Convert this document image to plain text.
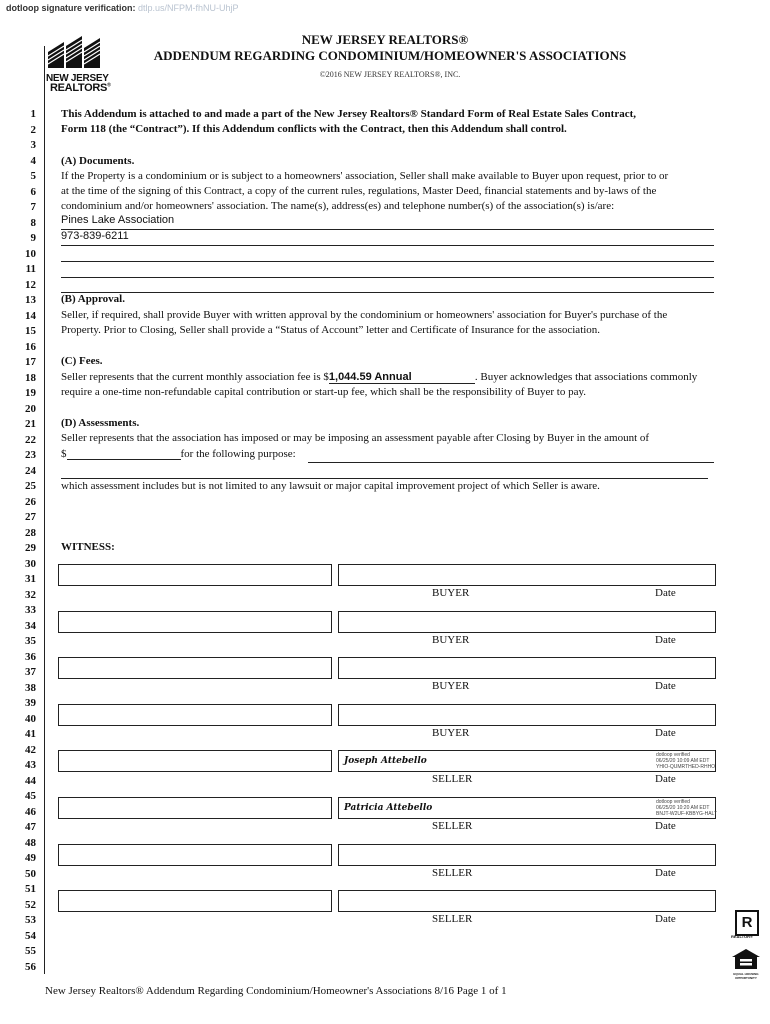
dotloop signature verification: dtlp.us/NFPM-fhNU-UhjP
NEW JERSEY
REALTORS®
NEW JERSEY REALTORS®
ADDENDUM REGARDING CONDOMINIUM/HOMEOWNER'S ASSOCIATIONS
©2016 NEW JERSEY REALTORS®, INC.
1
2
3
4
5
6
7
8
9
10
11
12
13
14
15
16
17
18
19
20
21
22
23
24
25
26
27
28
29
30
31
32
33
34
35
36
37
38
39
40
41
42
43
44
45
46
47
48
49
50
51
52
53
54
55
56
This Addendum is attached to and made a part of the New Jersey Realtors® Standard Form of Real Estate Sales Contract,
Form 118 (the “Contract”). If this Addendum conflicts with the Contract, then this Addendum shall control.
(A) Documents.
If the Property is a condominium or is subject to a homeowners' association, Seller shall make available to Buyer upon request, prior to or
at the time of the signing of this Contract, a copy of the current rules, regulations, Master Deed, financial statements and by-laws of the
condominium and/or homeowners' association. The name(s), address(es) and telephone number(s) of the association(s) is/are:
Pines Lake Association
973-839-6211
(B) Approval.
Seller, if required, shall provide Buyer with written approval by the condominium or homeowners' association for Buyer's purchase of the
Property. Prior to Closing, Seller shall provide a “Status of Account” letter and Certificate of Insurance for the association.
(C) Fees.
Seller represents that the current monthly association fee is $1,044.59 Annual	. Buyer acknowledges that associations commonly
require a one-time non-refundable capital contribution or start-up fee, which shall be the responsibility of Buyer to pay.
(D) Assessments.
Seller represents that the association has imposed or may be imposing an assessment payable after Closing by Buyer in the amount of
$	for the following purpose:
which assessment includes but is not limited to any lawsuit or major capital improvement project of which Seller is aware.
WITNESS:
BUYER	Date
BUYER	Date
BUYER	Date
BUYER	Date
SELLER	Date
Joseph Attebello
dotloop verified
06/25/20 10:09 AM EDT
YHIO-QUMRTHED-RHHO
SELLER	Date
Patricia Attebello
dotloop verified
06/25/20 10:20 AM EDT
BNJT-W2UF-KBBYG-HALT
SELLER	Date
SELLER	Date
New Jersey Realtors® Addendum Regarding Condominium/Homeowner's Associations 8/16 Page 1 of 1
R
REALTOR®
EQUAL HOUSING OPPORTUNITY
